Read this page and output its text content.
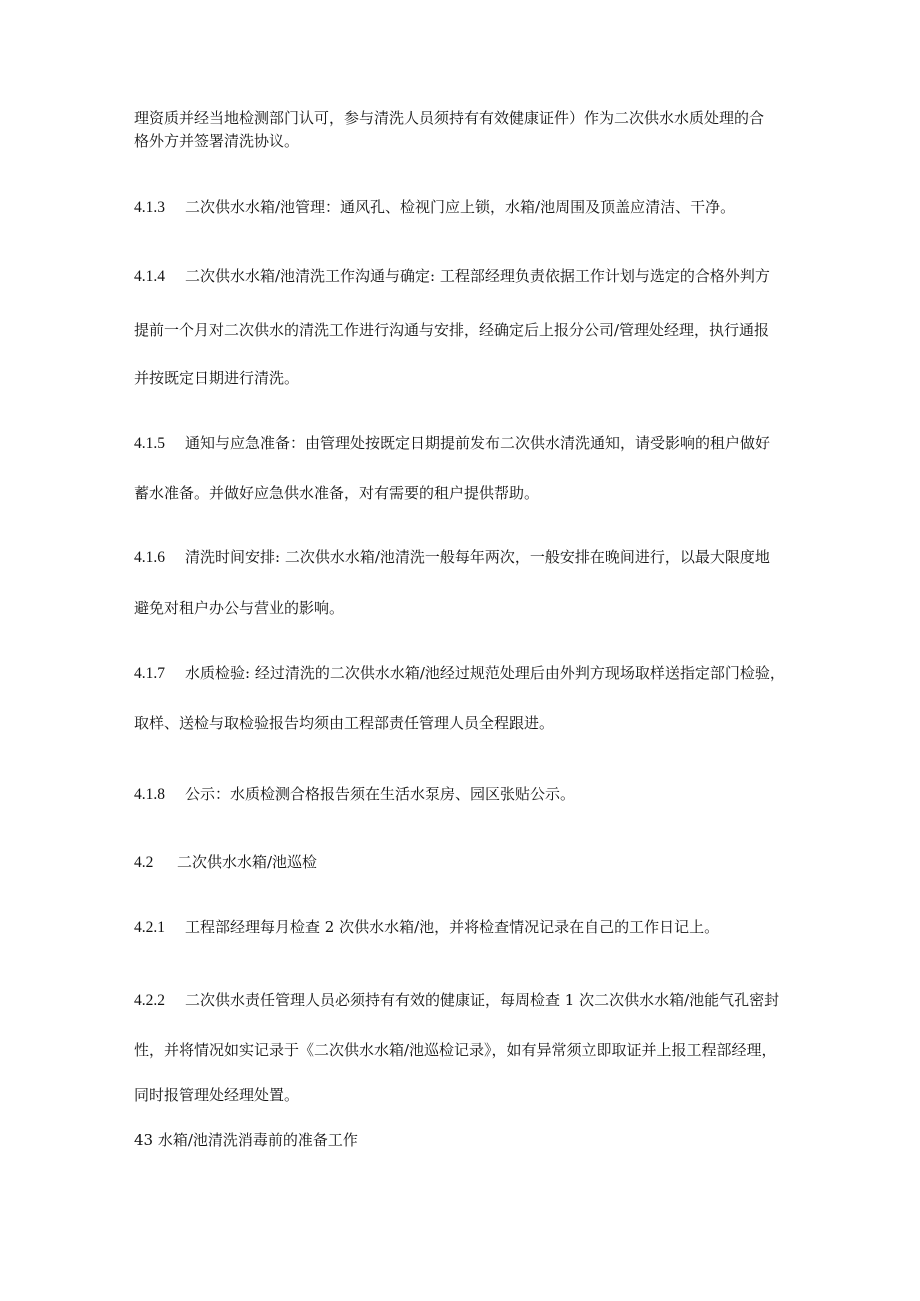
理资质并经当地检测部门认可，参与清洗人员须持有有效健康证件）作为二次供水水质处理的合
格外方并签署清洗协议。
4.1.3 二次供水水箱/池管理：通风孔、检视门应上锁，水箱/池周围及顶盖应清洁、干净。
4.1.4 二次供水水箱/池清洗工作沟通与确定: 工程部经理负责依据工作计划与选定的合格外判方
提前一个月对二次供水的清洗工作进行沟通与安排，经确定后上报分公司/管理处经理，执行通报
并按既定日期进行清洗。
4.1.5 通知与应急准备：由管理处按既定日期提前发布二次供水清洗通知，请受影响的租户做好
蓄水准备。并做好应急供水准备，对有需要的租户提供帮助。
4.1.6 清洗时间安排: 二次供水水箱/池清洗一般每年两次，一般安排在晚间进行，以最大限度地
避免对租户办公与营业的影响。
4.1.7 水质检验: 经过清洗的二次供水水箱/池经过规范处理后由外判方现场取样送指定部门检验，
取样、送检与取检验报告均须由工程部责任管理人员全程跟进。
4.1.8 公示：水质检测合格报告须在生活水泵房、园区张贴公示。
4.2 二次供水水箱/池巡检
4.2.1 工程部经理每月检查 2 次供水水箱/池，并将检查情况记录在自己的工作日记上。
4.2.2 二次供水责任管理人员必须持有有效的健康证，每周检查 1 次二次供水水箱/池能气孔密封
性，并将情况如实记录于《二次供水水箱/池巡检记录》，如有异常须立即取证并上报工程部经理，
同时报管理处经理处置。
43 水箱/池清洗消毒前的准备工作
